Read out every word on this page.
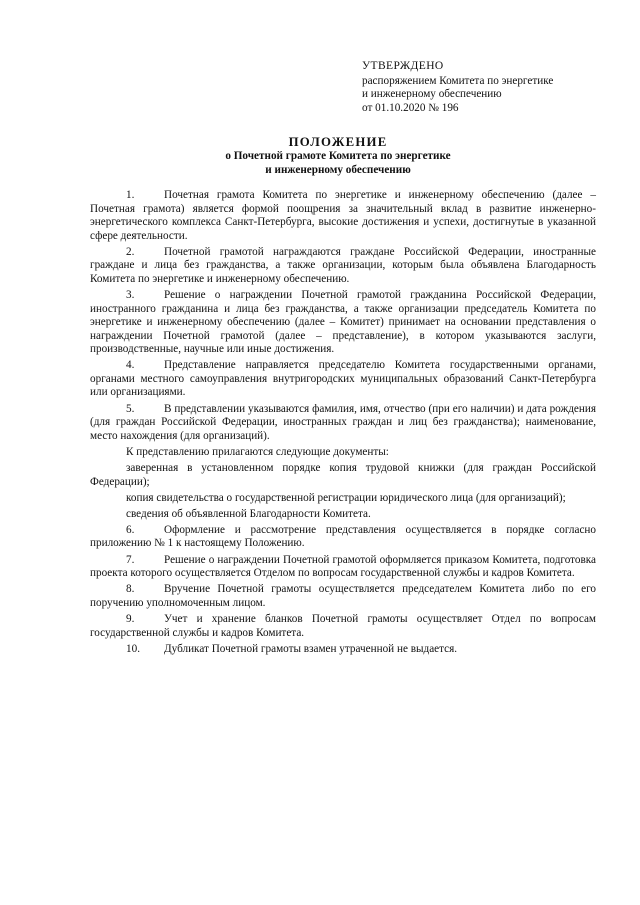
УТВЕРЖДЕНО
распоряжением Комитета по энергетике
и инженерному обеспечению
от 01.10.2020 № 196
ПОЛОЖЕНИЕ
о Почетной грамоте Комитета по энергетике
и инженерному обеспечению

1.	Почетная грамота Комитета по энергетике и инженерному обеспечению (далее – Почетная грамота) является формой поощрения за значительный вклад в развитие инженерно-энергетического комплекса Санкт-Петербурга, высокие достижения и успехи, достигнутые в указанной сфере деятельности.

2.	Почетной грамотой награждаются граждане Российской Федерации, иностранные граждане и лица без гражданства, а также организации, которым была объявлена Благодарность Комитета по энергетике и инженерному обеспечению.

3.	Решение о награждении Почетной грамотой гражданина Российской Федерации, иностранного гражданина и лица без гражданства, а также организации председатель Комитета по энергетике и инженерному обеспечению (далее – Комитет) принимает на основании представления о награждении Почетной грамотой (далее – представление), в котором указываются заслуги, производственные, научные или иные достижения.

4.	Представление направляется председателю Комитета государственными органами, органами местного самоуправления внутригородских муниципальных образований Санкт-Петербурга или организациями.

5.	В представлении указываются фамилия, имя, отчество (при его наличии) и дата рождения (для граждан Российской Федерации, иностранных граждан и лиц без гражданства); наименование, место нахождения (для организаций).

К представлению прилагаются следующие документы:

заверенная в установленном порядке копия трудовой книжки (для граждан Российской Федерации);

копия свидетельства о государственной регистрации юридического лица (для организаций);

сведения об объявленной Благодарности Комитета.

6.	Оформление и рассмотрение представления осуществляется в порядке согласно приложению № 1 к настоящему Положению.

7.	Решение о награждении Почетной грамотой оформляется приказом Комитета, подготовка проекта которого осуществляется Отделом по вопросам государственной службы и кадров Комитета.

8.	Вручение Почетной грамоты осуществляется председателем Комитета либо по его поручению уполномоченным лицом.

9.	Учет и хранение бланков Почетной грамоты осуществляет Отдел по вопросам государственной службы и кадров Комитета.

10. Дубликат Почетной грамоты взамен утраченной не выдается.
